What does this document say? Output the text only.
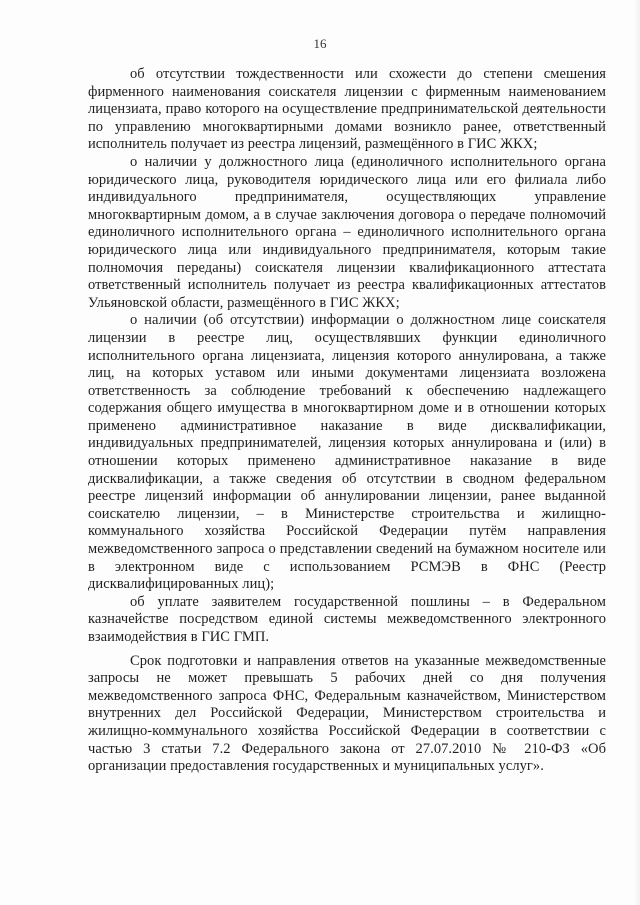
16

об отсутствии тождественности или схожести до степени смешения фирменного наименования соискателя лицензии с фирменным наименованием лицензиата, право которого на осуществление предпринимательской деятельности по управлению многоквартирными домами возникло ранее, ответственный исполнитель получает из реестра лицензий, размещённого в ГИС ЖКХ;

о наличии у должностного лица (единоличного исполнительного органа юридического лица, руководителя юридического лица или его филиала либо индивидуального предпринимателя, осуществляющих управление многоквартирным домом, а в случае заключения договора о передаче полномочий единоличного исполнительного органа – единоличного исполнительного органа юридического лица или индивидуального предпринимателя, которым такие полномочия переданы) соискателя лицензии квалификационного аттестата ответственный исполнитель получает из реестра квалификационных аттестатов Ульяновской области, размещённого в ГИС ЖКХ;

о наличии (об отсутствии) информации о должностном лице соискателя лицензии в реестре лиц, осуществлявших функции единоличного исполнительного органа лицензиата, лицензия которого аннулирована, а также лиц, на которых уставом или иными документами лицензиата возложена ответственность за соблюдение требований к обеспечению надлежащего содержания общего имущества в многоквартирном доме и в отношении которых применено административное наказание в виде дисквалификации, индивидуальных предпринимателей, лицензия которых аннулирована и (или) в отношении которых применено административное наказание в виде дисквалификации, а также сведения об отсутствии в сводном федеральном реестре лицензий информации об аннулировании лицензии, ранее выданной соискателю лицензии, – в Министерстве строительства и жилищно-коммунального хозяйства Российской Федерации путём направления межведомственного запроса о представлении сведений на бумажном носителе или в электронном виде с использованием РСМЭВ в ФНС (Реестр дисквалифицированных лиц);

об уплате заявителем государственной пошлины – в Федеральном казначействе посредством единой системы межведомственного электронного взаимодействия в ГИС ГМП.

Срок подготовки и направления ответов на указанные межведомственные запросы не может превышать 5 рабочих дней со дня получения межведомственного запроса ФНС, Федеральным казначейством, Министерством внутренних дел Российской Федерации, Министерством строительства и жилищно-коммунального хозяйства Российской Федерации в соответствии с частью 3 статьи 7.2 Федерального закона от 27.07.2010 № 210-ФЗ «Об организации предоставления государственных и муниципальных услуг».
